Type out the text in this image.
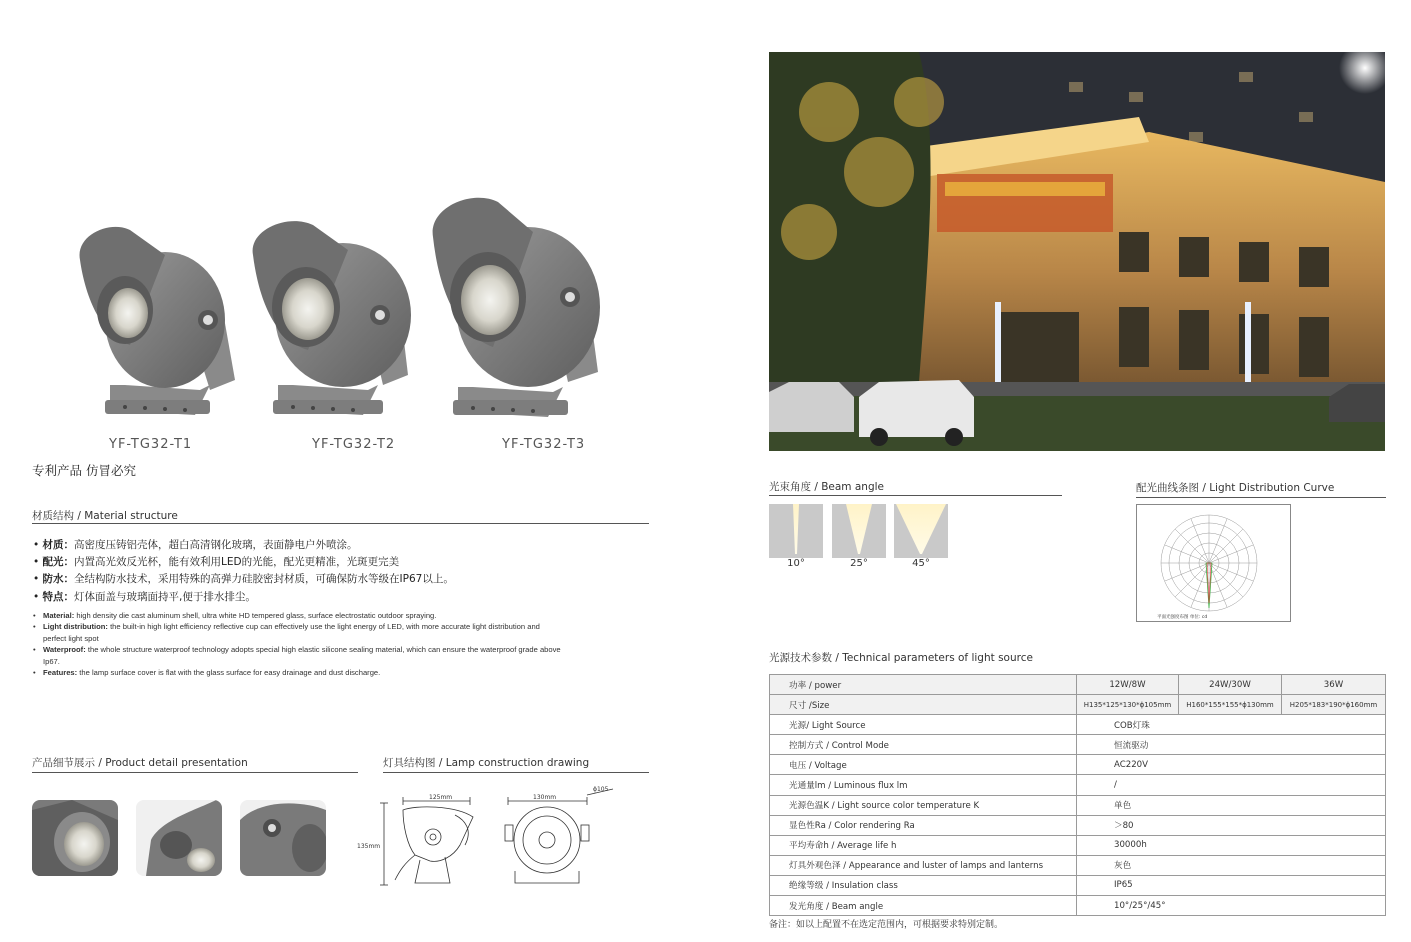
YF-TG32-T1	YF-TG32-T2	YF-TG32-T3
专利产品 仿冒必究
材质结构 / Material structure
• 材质：高密度压铸铝壳体，超白高清钢化玻璃，表面静电户外喷涂。
• 配光：内置高光效反光杯，能有效利用LED的光能，配光更精准，光斑更完美
• 防水：全结构防水技术，采用特殊的高弹力硅胶密封材质，可确保防水等级在IP67以上。
• 特点：灯体面盖与玻璃面持平,便于排水排尘。
• Material: high density die cast aluminum shell, ultra white HD tempered glass, surface electrostatic outdoor spraying.
• Light distribution: the built-in high light efficiency reflective cup can effectively use the light energy of LED, with more accurate light distribution and perfect light spot
• Waterproof: the whole structure waterproof technology adopts special high elastic silicone sealing material, which can ensure the waterproof grade above Ip67.
• Features: the lamp surface cover is flat with the glass surface for easy drainage and dust discharge.
产品细节展示 / Product detail presentation	灯具结构图 / Lamp construction drawing
125mm
135mm
130mm
ϕ105
光束角度 / Beam angle
10°	25°	45°
配光曲线条图 / Light Distribution Curve
平面光强度布图 单位: cd
光源技术参数 / Technical parameters of light source
功率 / power	12W/8W	24W/30W	36W
尺寸 /Size	H135*125*130*ϕ105mm	H160*155*155*ϕ130mm	H205*183*190*ϕ160mm
光源/ Light Source	COB灯珠		
控制方式 / Control Mode	恒流驱动		
电压 / Voltage	AC220V		
光通量lm / Luminous flux lm	/		
光源色温K / Light source color temperature K	单色		
显色性Ra / Color rendering Ra	＞80		
平均寿命h / Average life h	30000h		
灯具外观色泽 / Appearance and luster of lamps and lanterns	灰色		
绝缘等级 / Insulation class	IP65		
发光角度 / Beam angle	10°/25°/45°		
备注：如以上配置不在选定范围内，可根据要求特别定制。
